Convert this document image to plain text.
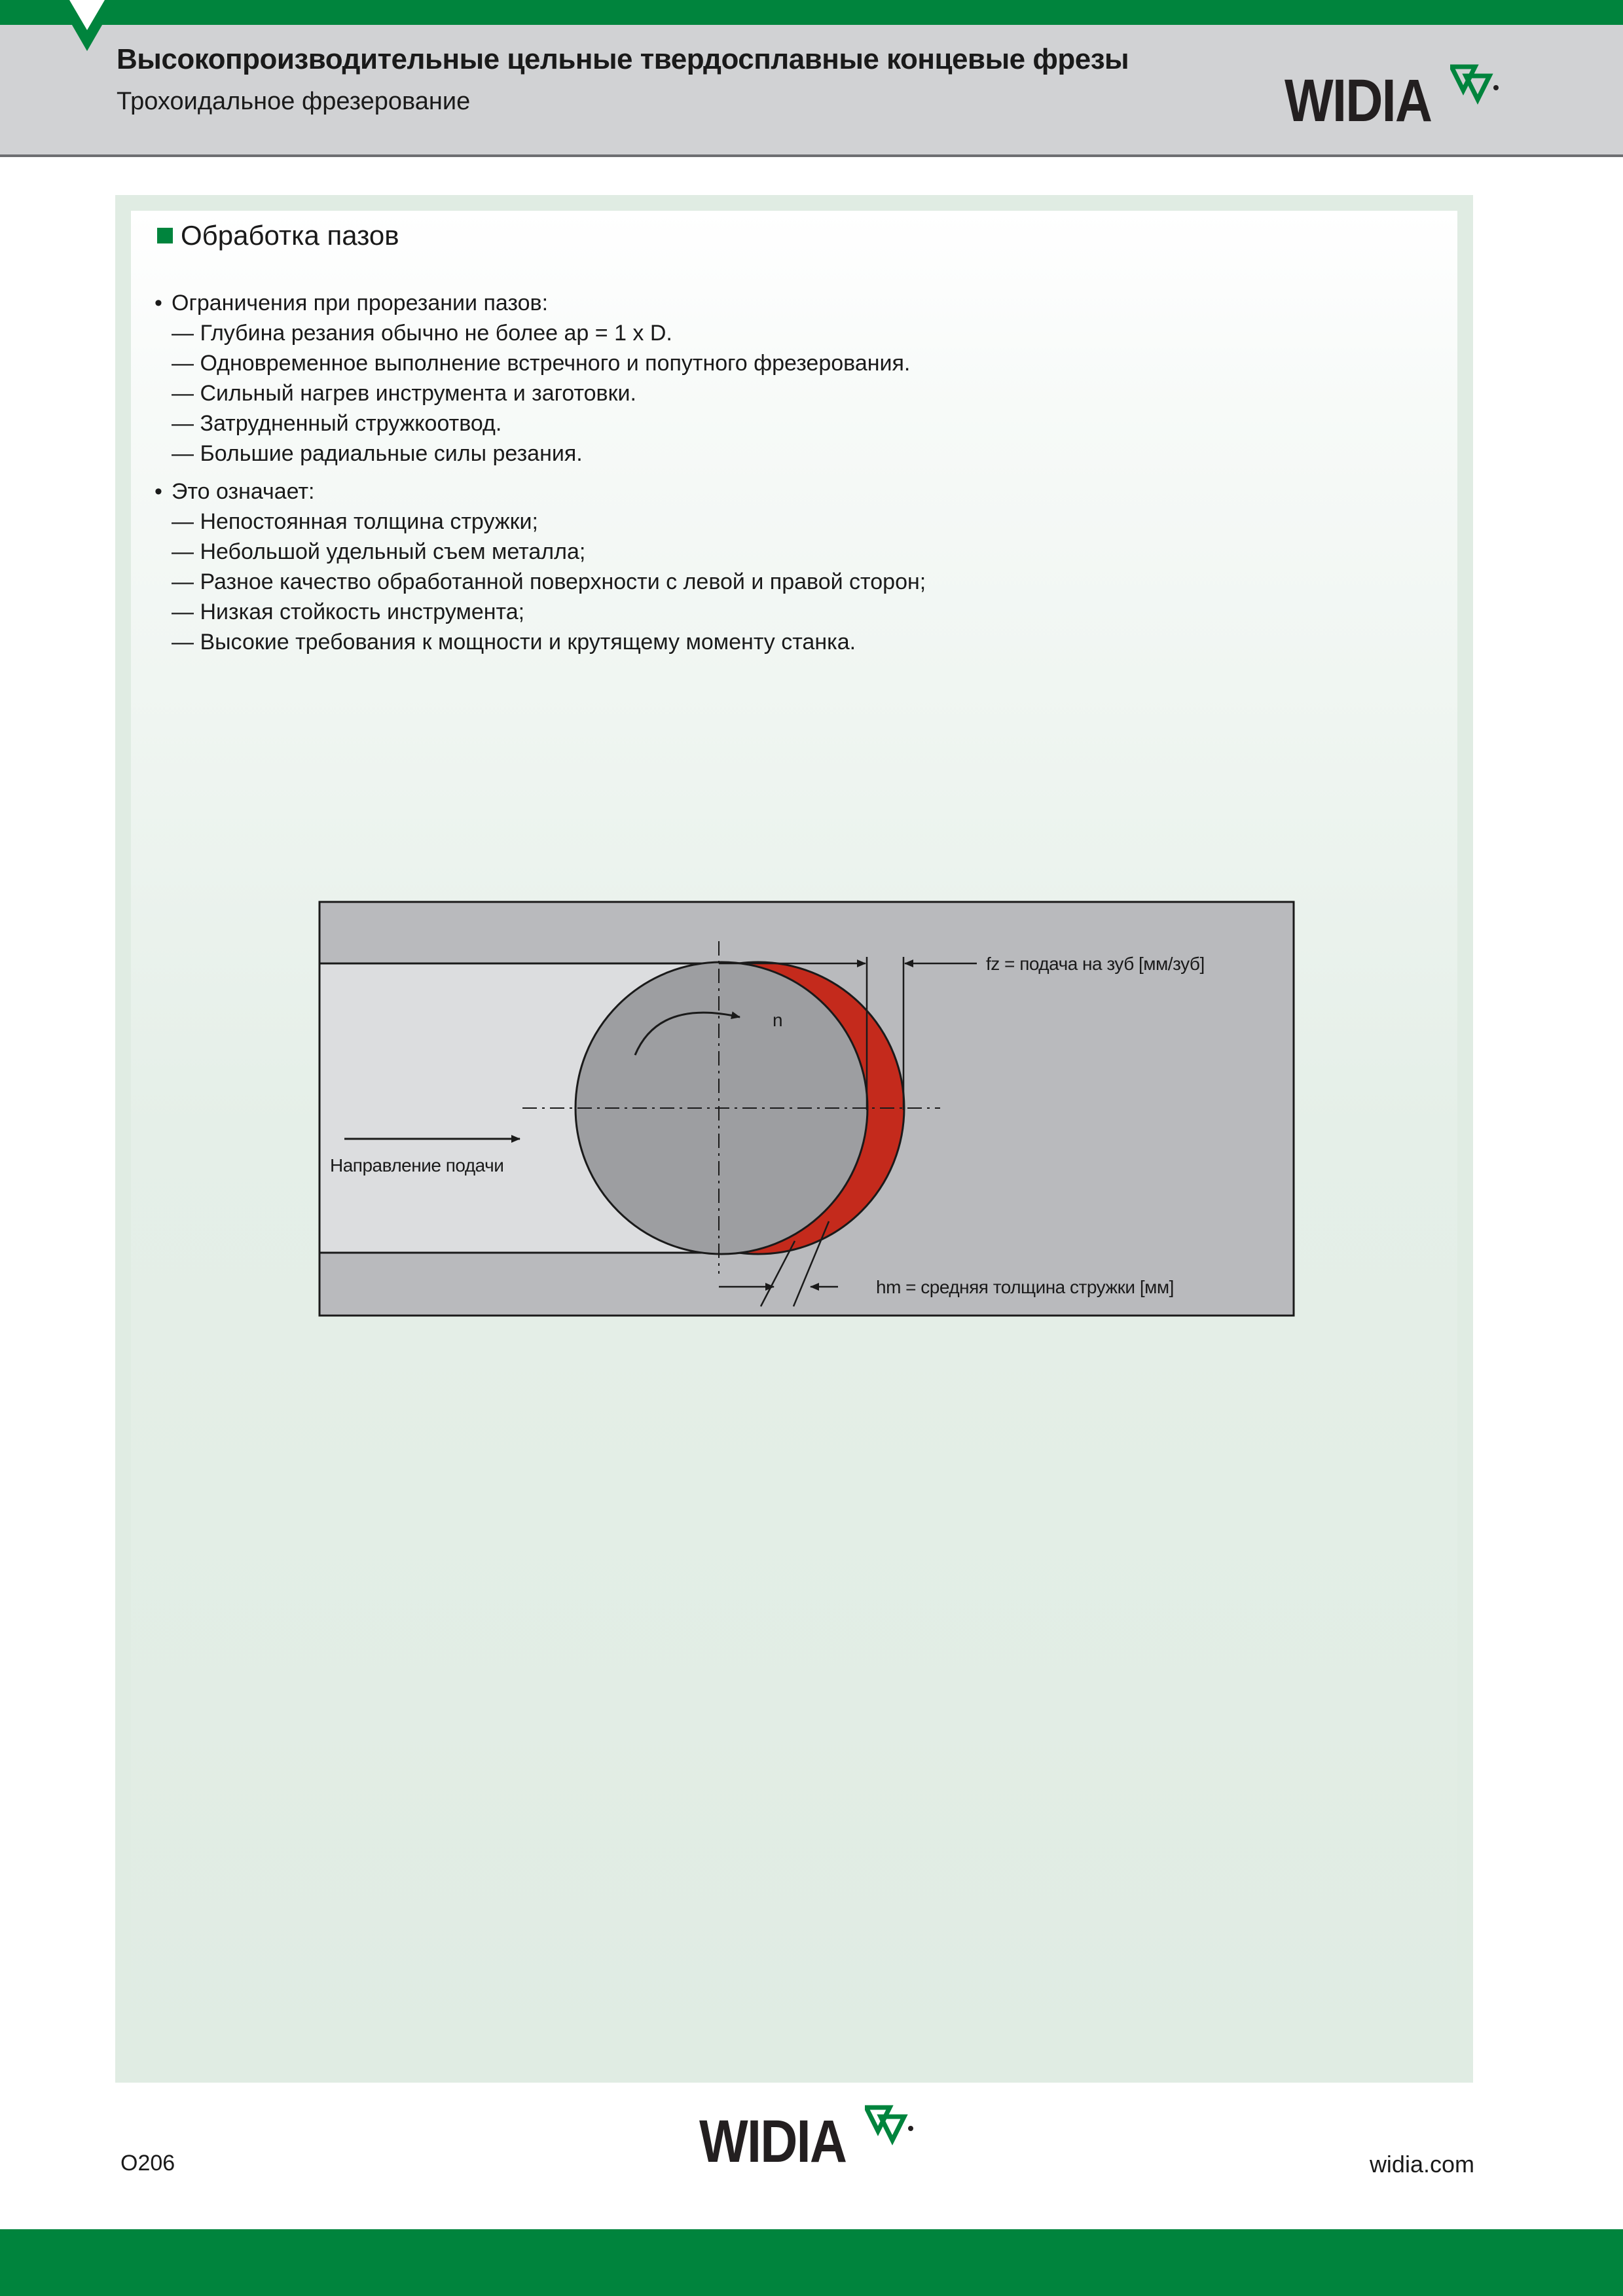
Высокопроизводительные цельные твердосплавные концевые фрезы
Трохоидальное фрезерование	WIDIA
Обработка пазов
• Ограничения при прорезании пазов:
— Глубина резания обычно не более ap = 1 x D.
— Одновременное выполнение встречного и попутного фрезерования.
— Сильный нагрев инструмента и заготовки.
— Затрудненный стружкоотвод.
— Большие радиальные силы резания.
• Это означает:
— Непостоянная толщина стружки;
— Небольшой удельный съем металла;
— Разное качество обработанной поверхности с левой и правой сторон;
— Низкая стойкость инструмента;
— Высокие требования к мощности и крутящему моменту станка.
n
fz = подача на зуб [мм/зуб]
Направление подачи
hm = средняя толщина стружки [мм]
O206	WIDIA	widia.com
